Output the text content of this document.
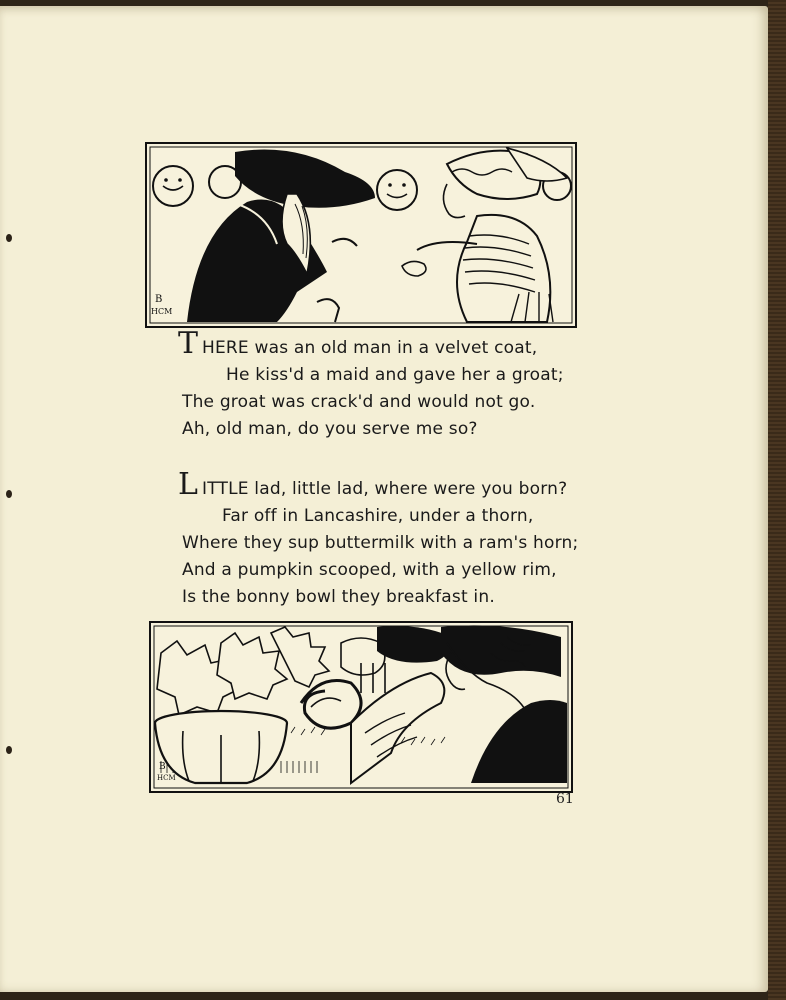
B
HCM
T HERE was an old man in a velvet coat,
He kiss'd a maid and gave her a groat;
The groat was crack'd and would not go.
Ah, old man, do you serve me so?
L ITTLE lad, little lad, where were you born?
Far off in Lancashire, under a thorn,
Where they sup buttermilk with a ram's horn;
And a pumpkin scooped, with a yellow rim,
Is the bonny bowl they breakfast in.
B
HCM
61
